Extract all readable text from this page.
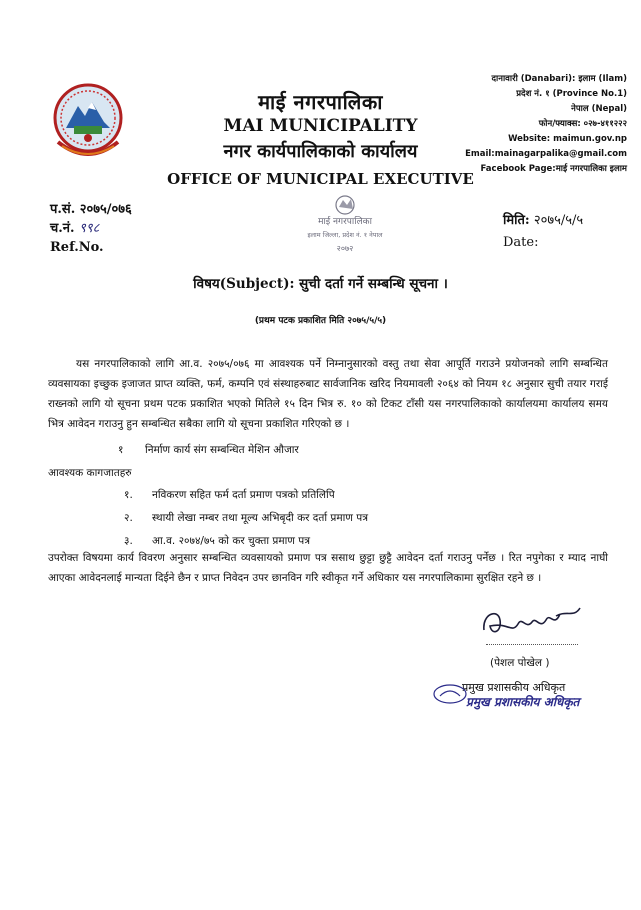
माई नगरपालिका
MAI MUNICIPALITY
नगर कार्यपालिकाको कार्यालय
OFFICE OF MUNICIPAL EXECUTIVE
दानावारी (Danabari): इलाम (Ilam)
प्रदेश नं. १ (Province No.1)
नेपाल (Nepal)
फोन/फ्याक्स: ०२७-४११२२२
Website: maimun.gov.np
Email:mainagarpalika@gmail.com
Facebook Page:माई नगरपालिका इलाम
प.सं. २०७५/०७६
च.नं. ९९८
Ref.No.
मिति: २०७५/५/५
Date:
माई नगरपालिका
इलाम जिल्ला, प्रदेश नं. १ नेपाल
२०७२
विषय(Subject): सुची दर्ता गर्ने सम्बन्धि सूचना ।
(प्रथम पटक प्रकाशित मिति २०७५/५/५)
यस नगरपालिकाको लागि आ.व. २०७५/०७६ मा आवश्यक पर्ने निम्नानुसारको वस्तु तथा सेवा आपूर्ति गराउने प्रयोजनको लागि सम्बन्धित व्यवसायका इच्छुक इजाजत प्राप्त व्यक्ति, फर्म, कम्पनि एवं संस्थाहरुबाट सार्वजानिक खरिद नियमावली २०६४ को नियम १८ अनुसार सुची तयार गराई राख्नको लागि यो सूचना प्रथम पटक प्रकाशित भएको मितिले १५ दिन भित्र रु. १० को टिकट टाँसी यस नगरपालिकाको कार्यालयमा कार्यालय समय भित्र आवेदन गराउनु हुन सम्बन्धित सबैका लागि यो सूचना प्रकाशित गरिएको छ ।
१ निर्माण कार्य संग सम्बन्धित मेशिन औजार
आवश्यक कागजातहरु
१. नविकरण सहित फर्म दर्ता प्रमाण पत्रको प्रतिलिपि
२. स्थायी लेखा नम्बर तथा मूल्य अभिबृदी कर दर्ता प्रमाण पत्र
३. आ.व. २०७४/७५ को कर चुक्ता प्रमाण पत्र
उपरोक्त विषयमा कार्य विवरण अनुसार सम्बन्धित व्यवसायको प्रमाण पत्र ससाथ छुट्टा छुट्टै आवेदन दर्ता गराउनु पर्नेछ । रित नपुगेका र म्याद नाघी आएका आवेदनलाई मान्यता दिईने छैन र प्राप्त निवेदन उपर छानविन गरि स्वीकृत गर्ने अधिकार यस नगरपालिकामा सुरक्षित रहने छ ।
(पेशल पोखेल )
प्रमुख प्रशासकीय अधिकृत
प्रमुख प्रशासकीय अधिकृत
